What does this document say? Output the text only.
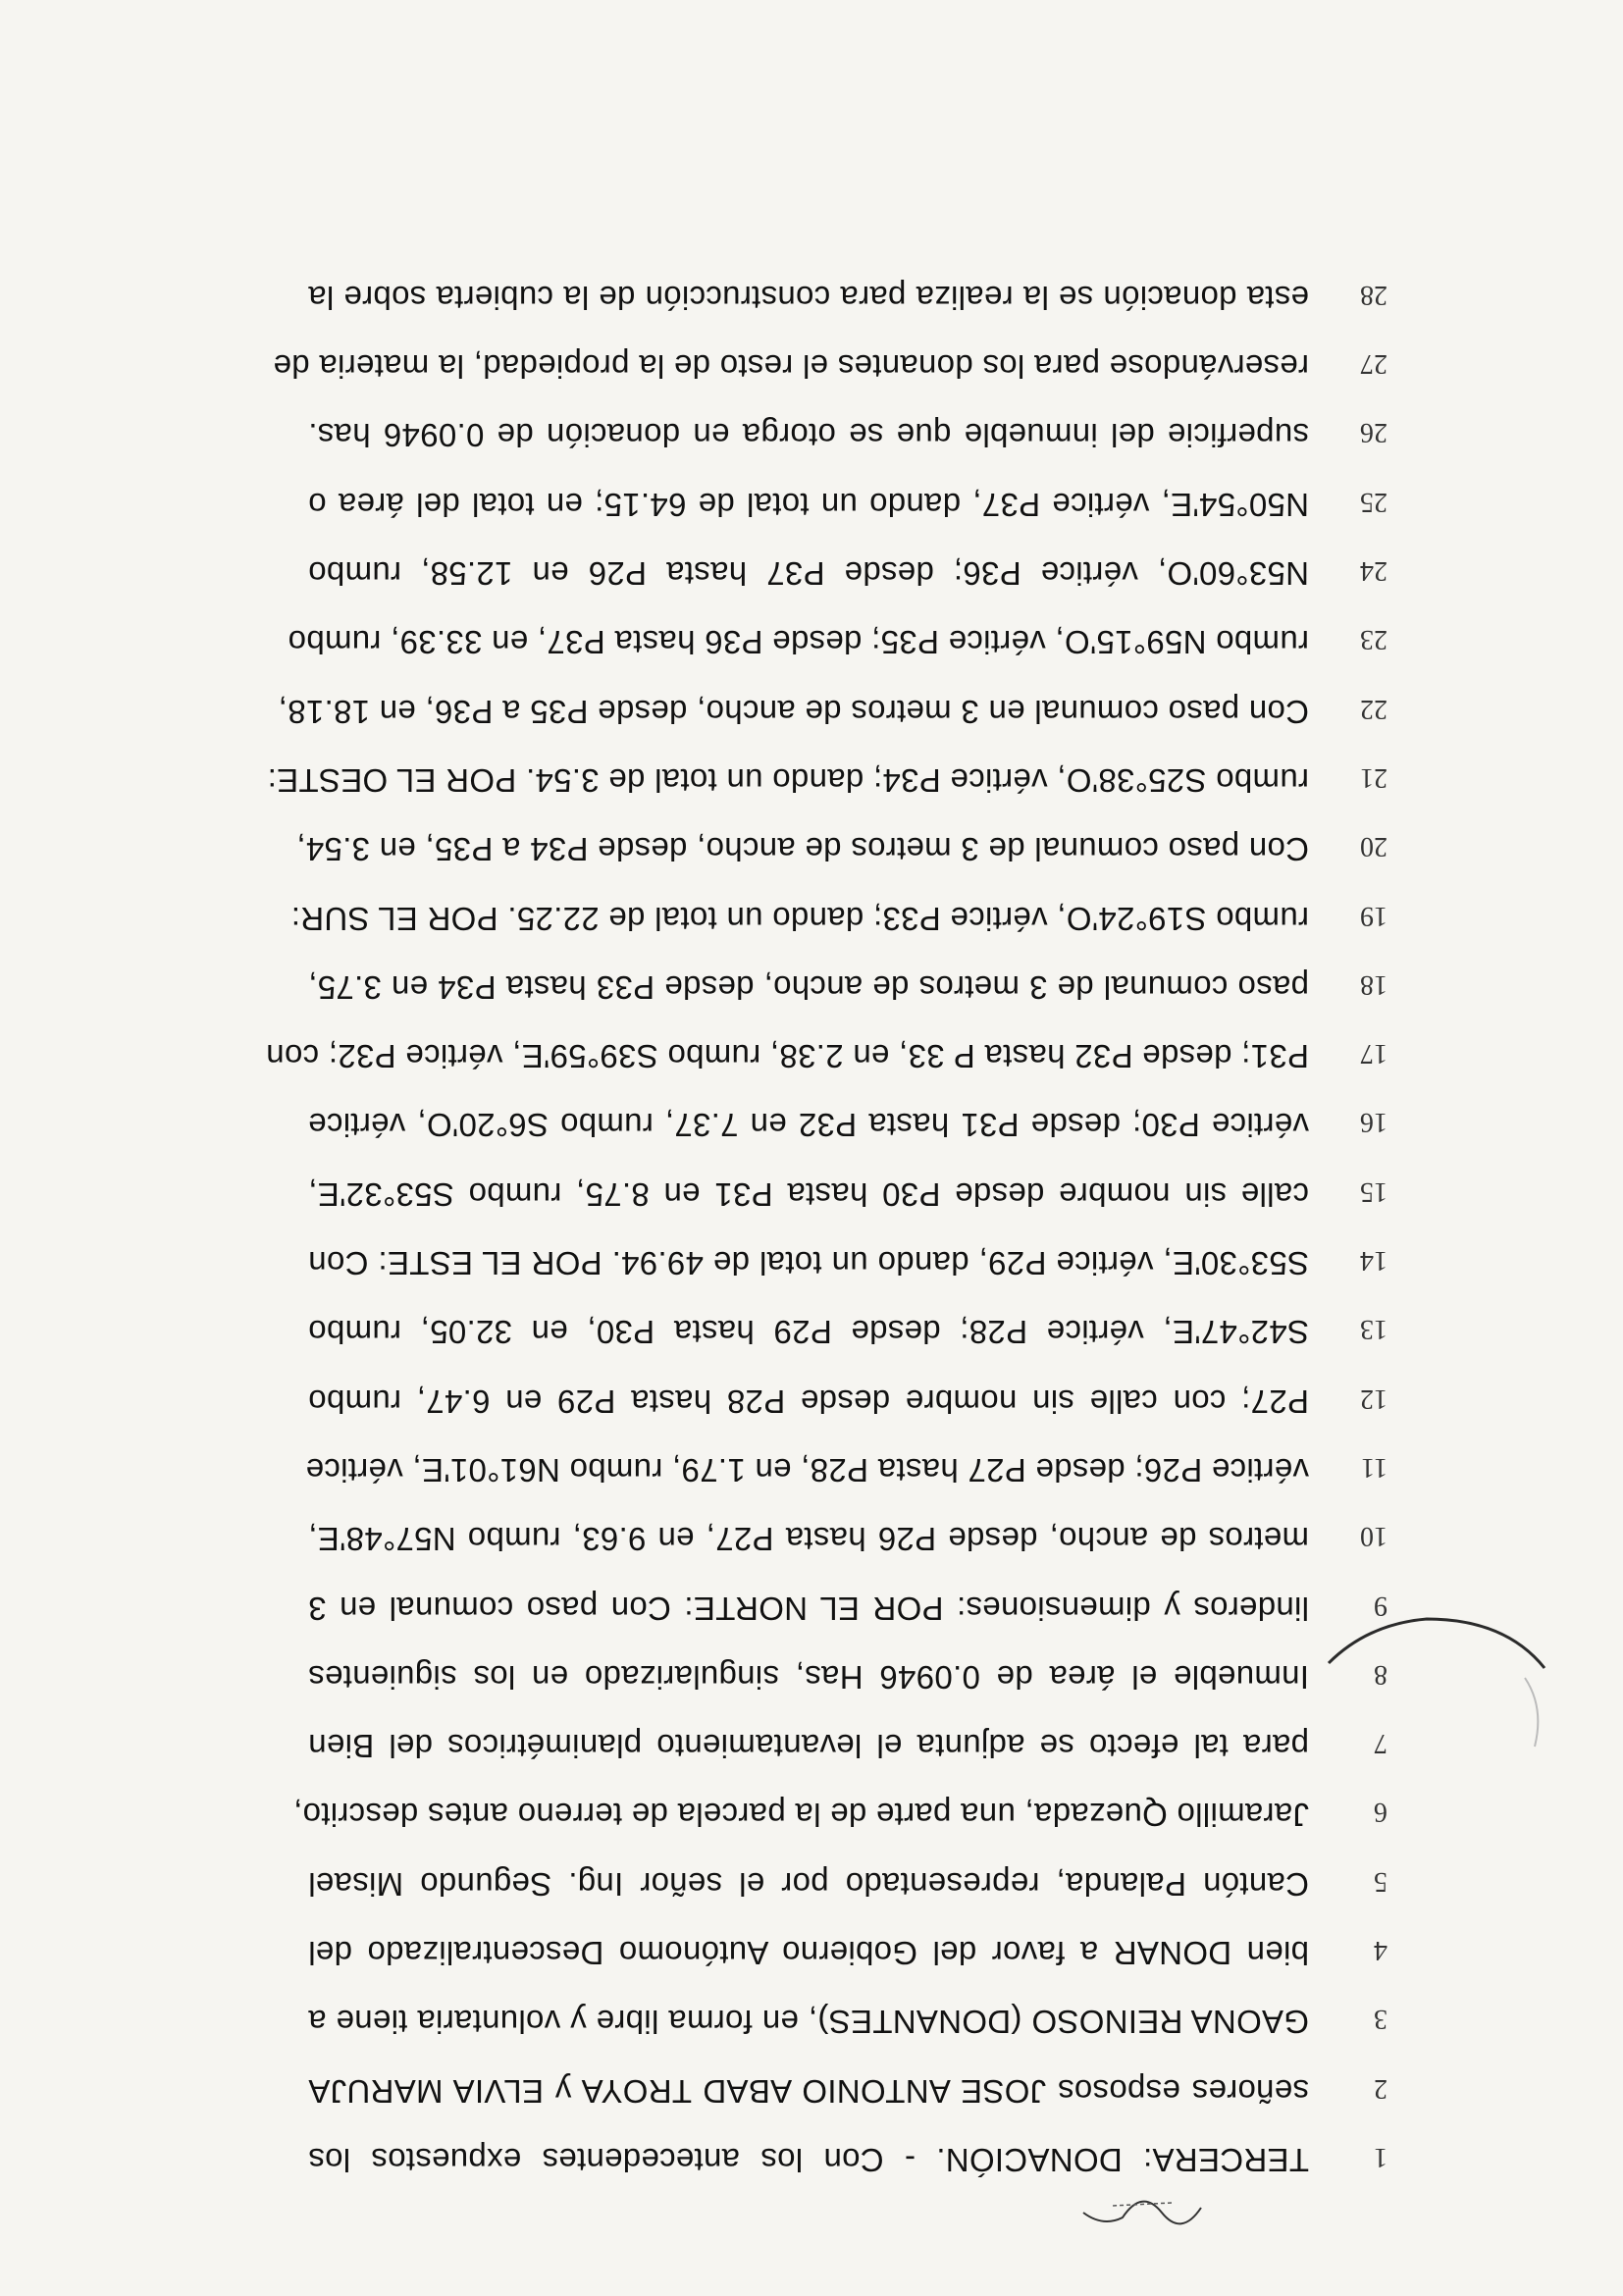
1
TERCERA: DONACIÓN. - Con los antecedentes expuestos los
2
señores esposos JOSE ANTONIO ABAD TROYA y ELVIA MARUJA
3
GAONA REINOSO (DONANTES), en forma libre y voluntaria tiene a
4
bien DONAR a favor del Gobierno Autónomo Descentralizado del
5
Cantón Palanda, representado por el señor Ing. Segundo Misael
6
Jaramillo Quezada, una parte de la parcela de terreno antes descrito,
7
para tal efecto se adjunta el levantamiento planimétricos del Bien
8
Inmueble el área de 0.0946 Has, singularizado en los siguientes
9
linderos y dimensiones: POR EL NORTE: Con paso comunal en 3
10
metros de ancho, desde P26 hasta P27, en 9.63, rumbo N57°48'E,
11
vértice P26; desde P27 hasta P28, en 1.79, rumbo N61°01'E, vértice
12
P27; con calle sin nombre desde P28 hasta P29 en 6.47, rumbo
13
S42°47'E, vértice P28; desde P29 hasta P30, en 32.05, rumbo
14
S53°30'E, vértice P29, dando un total de 49.94. POR EL ESTE: Con
15
calle sin nombre desde P30 hasta P31 en 8.75, rumbo S53°32'E,
16
vértice P30; desde P31 hasta P32 en 7.37, rumbo S6°20'O, vértice
17
P31; desde P32 hasta P 33, en 2.38, rumbo S39°59'E, vértice P32; con
18
paso comunal de 3 metros de ancho, desde P33 hasta P34 en 3.75,
19
rumbo S19°24'O, vértice P33; dando un total de 22.25. POR EL SUR:
20
Con paso comunal de 3 metros de ancho, desde P34 a P35, en 3.54,
21
rumbo S25°38'O, vértice P34; dando un total de 3.54. POR EL OESTE:
22
Con paso comunal en 3 metros de ancho, desde P35 a P36, en 18.18,
23
rumbo N59°15'O, vértice P35; desde P36 hasta P37, en 33.39, rumbo
24
N53°60'O, vértice P36; desde P37 hasta P26 en 12.58, rumbo
25
N50°54'E, vértice P37, dando un total de 64.15; en total del área o
26
superficie del inmueble que se otorga en donación de 0.0946 has.
27
reservándose para los donantes el resto de la propiedad, la materia de
28
esta donación se la realiza para construcción de la cubierta sobre la
